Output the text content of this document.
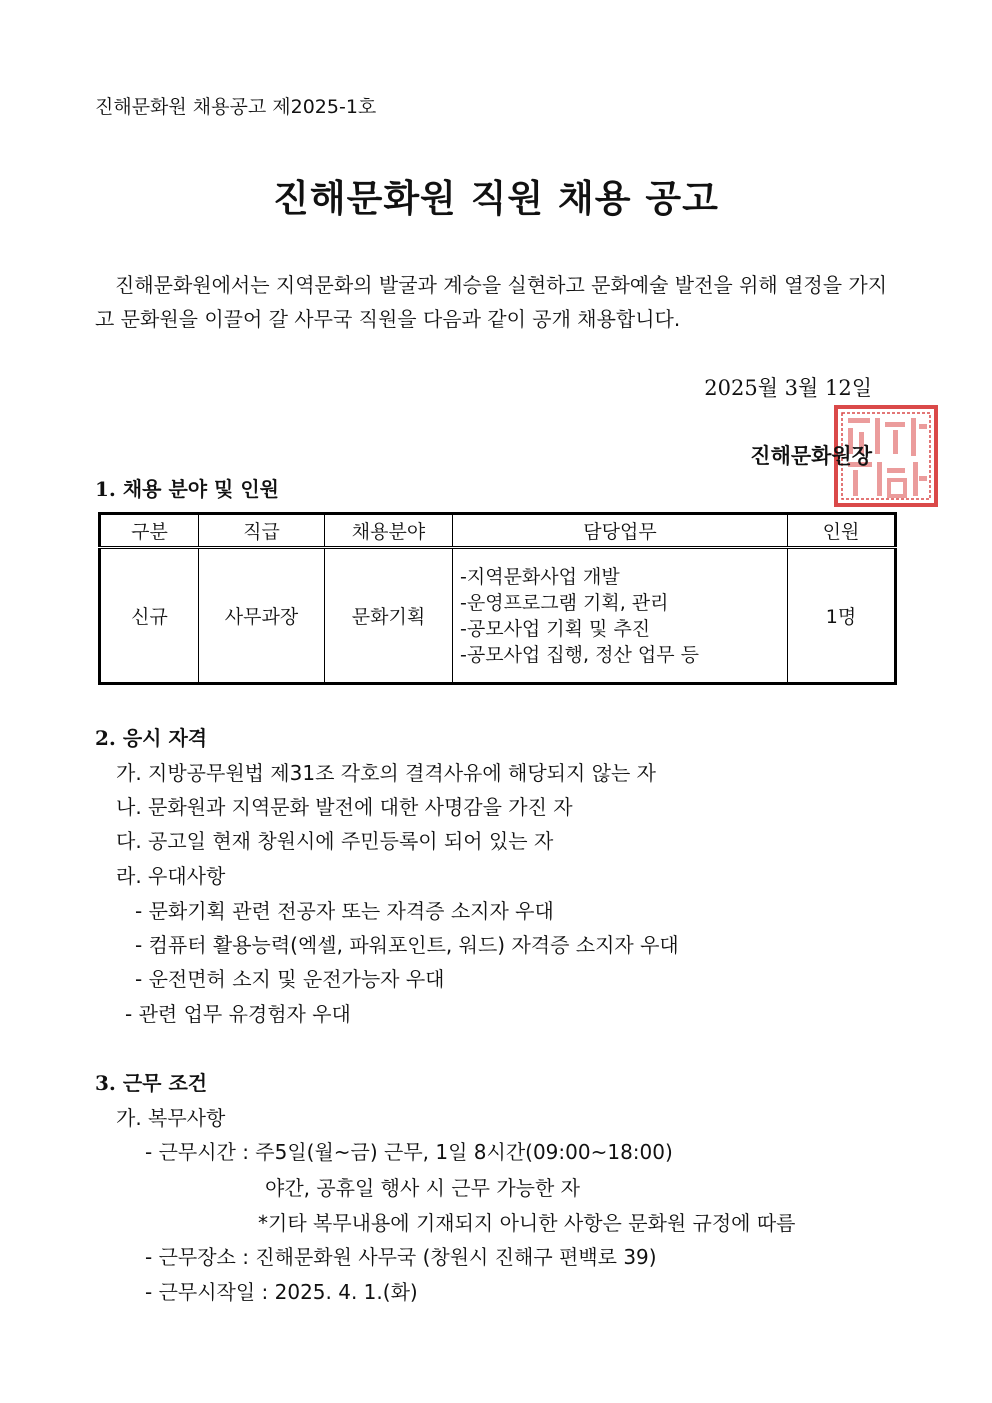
진해문화원 채용공고 제2025-1호
진해문화원 직원 채용 공고
진해문화원에서는 지역문화의 발굴과 계승을 실현하고 문화예술 발전을 위해 열정을 가지고 문화원을 이끌어 갈 사무국 직원을 다음과 같이 공개 채용합니다.
2025월 3월 12일
진해문화원장
1. 채용 분야 및 인원
구분	직급	채용분야	담당업무	인원
신규	사무과장	문화기획	-지역문화사업 개발
-운영프로그램 기획, 관리
-공모사업 기획 및 추진
-공모사업 집행, 정산 업무 등	1명
2. 응시 자격
가. 지방공무원법 제31조 각호의 결격사유에 해당되지 않는 자
나. 문화원과 지역문화 발전에 대한 사명감을 가진 자
다. 공고일 현재 창원시에 주민등록이 되어 있는 자
라. 우대사항
- 문화기획 관련 전공자 또는 자격증 소지자 우대
- 컴퓨터 활용능력(엑셀, 파워포인트, 워드) 자격증 소지자 우대
- 운전면허 소지 및 운전가능자 우대
- 관련 업무 유경험자 우대
3. 근무 조건
가. 복무사항
- 근무시간 : 주5일(월~금) 근무, 1일 8시간(09:00~18:00)
야간, 공휴일 행사 시 근무 가능한 자
*기타 복무내용에 기재되지 아니한 사항은 문화원 규정에 따름
- 근무장소 : 진해문화원 사무국 (창원시 진해구 편백로 39)
- 근무시작일 : 2025. 4. 1.(화)
